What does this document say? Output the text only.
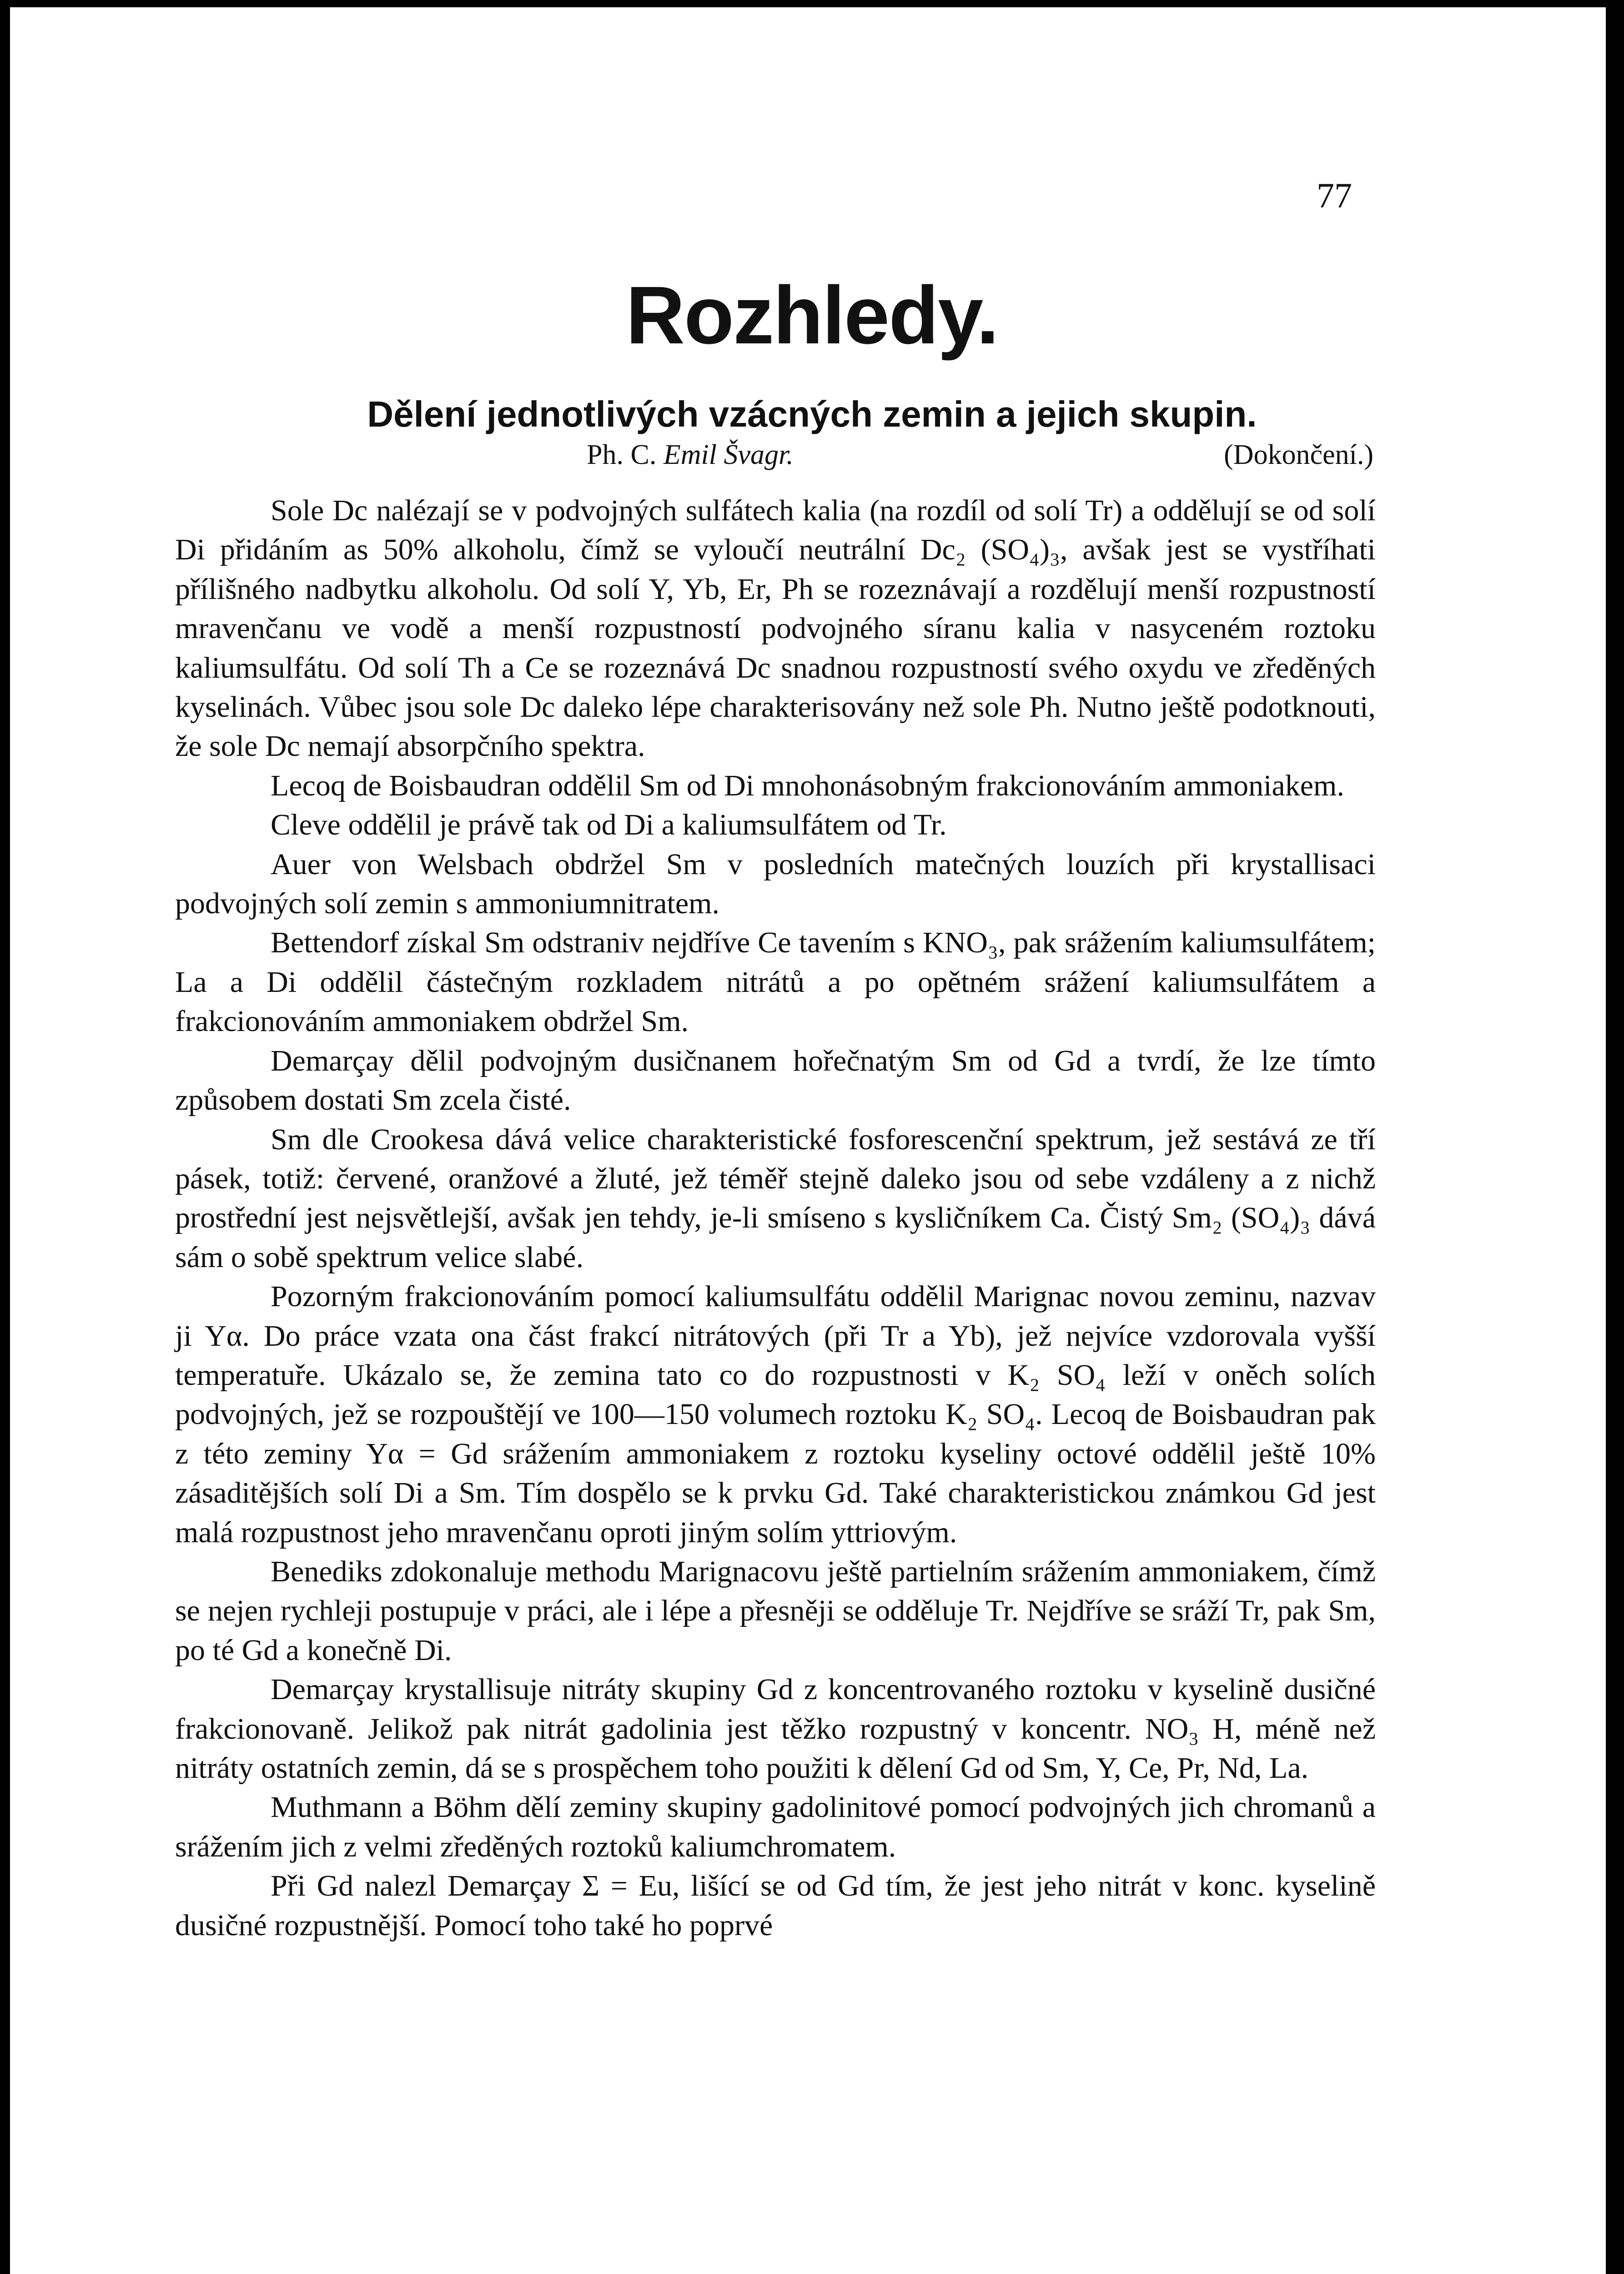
77
Rozhledy.
Dělení jednotlivých vzácných zemin a jejich skupin.
Ph. C. Emil Švagr.	(Dokončení.)

Sole Dc nalézají se v podvojných sulfátech kalia (na rozdíl od solí Tr) a oddělují se od solí Di přidáním as 50% alkoholu, čímž se vyloučí neutrální Dc₂ (SO₄)₃, avšak jest se vystříhati přílišného nadbytku alkoholu. Od solí Y, Yb, Er, Ph se rozeznávají a rozdělují menší rozpustností mravenčanu ve vodě a menší rozpustností podvojného síranu kalia v nasyceném roztoku kaliumsulfátu. Od solí Th a Ce se rozeznává Dc snadnou rozpustností svého oxydu ve zředěných kyselinách. Vůbec jsou sole Dc daleko lépe charakterisovány než sole Ph. Nutno ještě podotknouti, že sole Dc nemají absorpčního spektra.

Lecoq de Boisbaudran oddělil Sm od Di mnohonásobným frakcionováním ammoniakem.

Cleve oddělil je právě tak od Di a kaliumsulfátem od Tr.

Auer von Welsbach obdržel Sm v posledních matečných louzích při krystallisaci podvojných solí zemin s ammoniumnitratem.

Bettendorf získal Sm odstraniv nejdříve Ce tavením s KNO₃, pak srážením kaliumsulfátem; La a Di oddělil částečným rozkladem nitrátů a po opětném srážení kaliumsulfátem a frakcionováním ammoniakem obdržel Sm.

Demarçay dělil podvojným dusičnanem hořečnatým Sm od Gd a tvrdí, že lze tímto způsobem dostati Sm zcela čisté.

Sm dle Crookesa dává velice charakteristické fosforescenční spektrum, jež sestává ze tří pásek, totiž: červené, oranžové a žluté, jež téměř stejně daleko jsou od sebe vzdáleny a z nichž prostřední jest nejsvětlejší, avšak jen tehdy, je-li smíseno s kysličníkem Ca. Čistý Sm₂ (SO₄)₃ dává sám o sobě spektrum velice slabé.

Pozorným frakcionováním pomocí kaliumsulfátu oddělil Marignac novou zeminu, nazvav ji Yα. Do práce vzata ona část frakcí nitrátových (při Tr a Yb), jež nejvíce vzdorovala vyšší temperatuře. Ukázalo se, že zemina tato co do rozpustnosti v K₂ SO₄ leží v oněch solích podvojných, jež se rozpouštějí ve 100—150 volumech roztoku K₂ SO₄. Lecoq de Boisbaudran pak z této zeminy Yα = Gd srážením ammoniakem z roztoku kyseliny octové oddělil ještě 10% zásaditějších solí Di a Sm. Tím dospělo se k prvku Gd. Také charakteristickou známkou Gd jest malá rozpustnost jeho mravenčanu oproti jiným solím yttriovým.

Benediks zdokonaluje methodu Marignacovu ještě partielním srážením ammoniakem, čímž se nejen rychleji postupuje v práci, ale i lépe a přesněji se odděluje Tr. Nejdříve se sráží Tr, pak Sm, po té Gd a konečně Di.

Demarçay krystallisuje nitráty skupiny Gd z koncentrovaného roztoku v kyselině dusičné frakcionovaně. Jelikož pak nitrát gadolinia jest těžko rozpustný v koncentr. NO₃ H, méně než nitráty ostatních zemin, dá se s prospěchem toho použiti k dělení Gd od Sm, Y, Ce, Pr, Nd, La.

Muthmann a Böhm dělí zeminy skupiny gadolinitové pomocí podvojných jich chromanů a srážením jich z velmi zředěných roztoků kaliumchromatem.

Při Gd nalezl Demarçay Σ = Eu, lišící se od Gd tím, že jest jeho nitrát v konc. kyselině dusičné rozpustnější. Pomocí toho také ho poprvé
